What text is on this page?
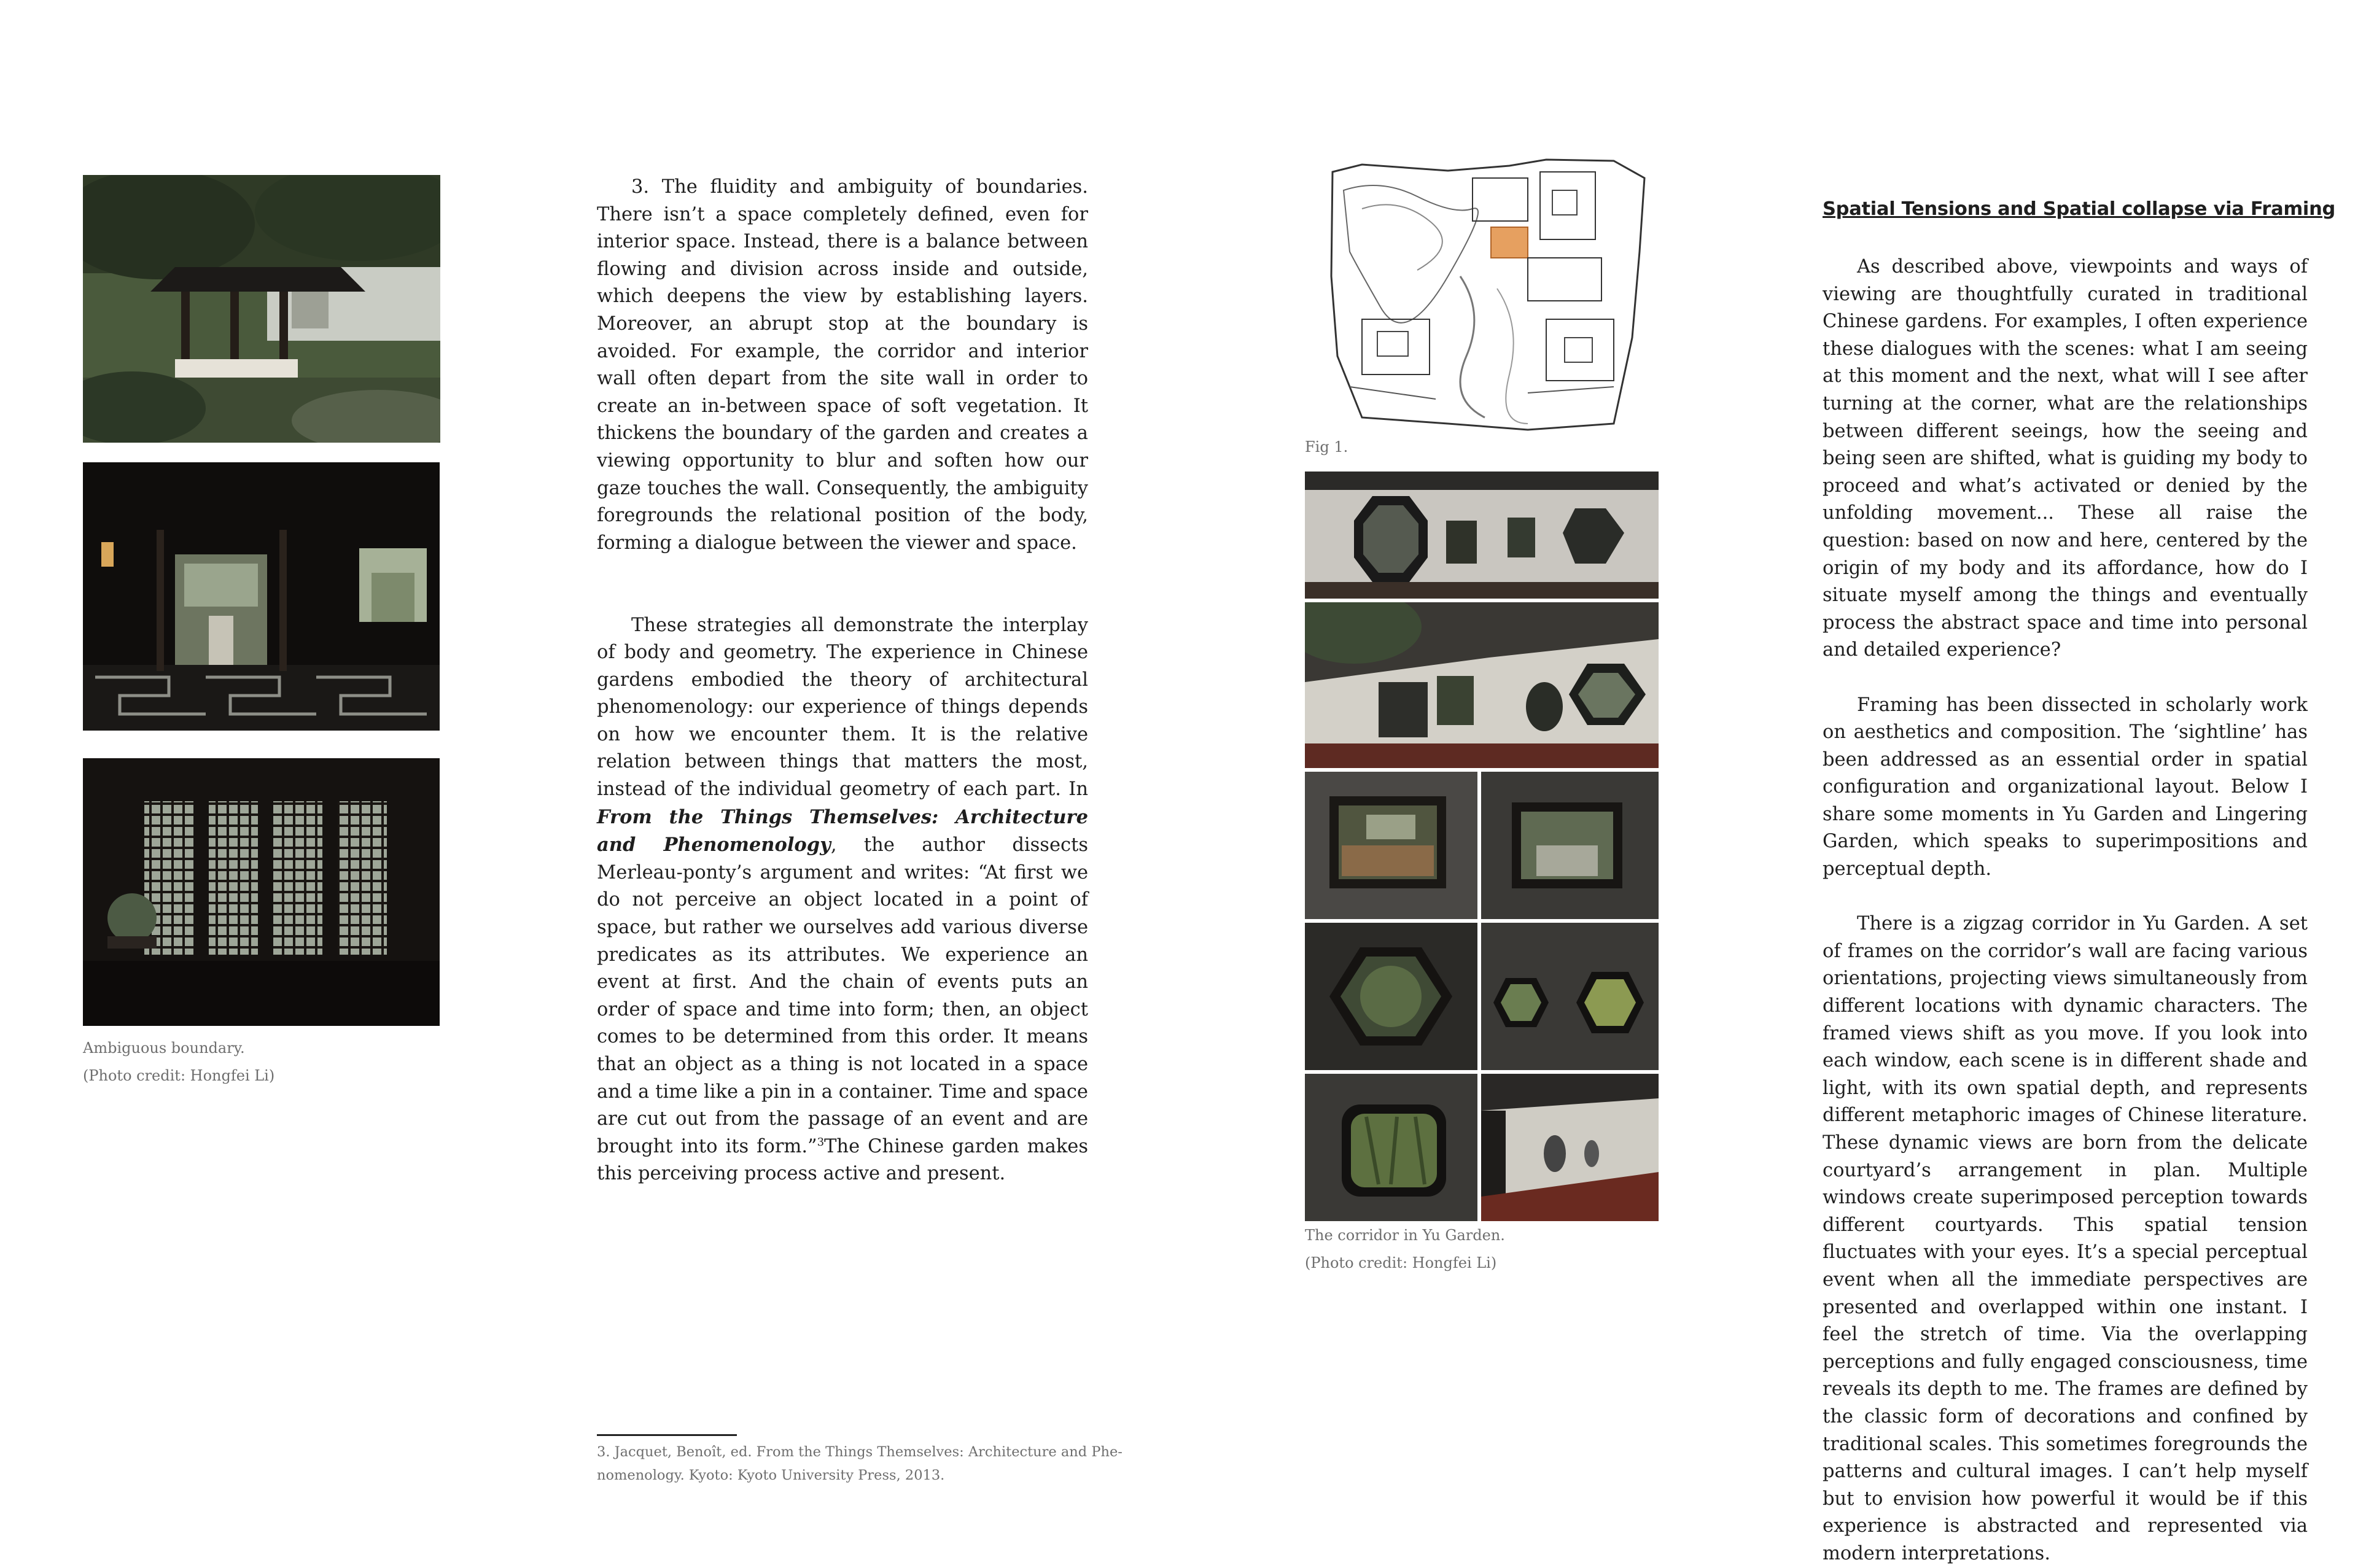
Ambiguous boundary.
(Photo credit: Hongfei Li)

3. The fluidity and ambiguity of boundaries. There isn’t a space completely defined, even for interior space. Instead, there is a balance between flowing and division across inside and outside, which deepens the view by establishing layers. Moreover, an abrupt stop at the boundary is avoided. For example, the corridor and interior wall often depart from the site wall in order to create an in-between space of soft vegetation. It thickens the boundary of the garden and creates a viewing opportunity to blur and soften how our gaze touches the wall. Consequently, the ambiguity foregrounds the relational position of the body, forming a dialogue between the viewer and space.

These strategies all demonstrate the interplay of body and geometry. The experience in Chinese gardens embodied the theory of architectural phenomenology: our experience of things depends on how we encounter them. It is the relative relation between things that matters the most, instead of the individual geometry of each part. In From the Things Themselves: Architecture and Phenomenology, the author dissects Merleau-ponty’s argument and writes: “At first we do not perceive an object located in a point of space, but rather we ourselves add various diverse predicates as its attributes. We experience an event at first. And the chain of events puts an order of space and time into form; then, an object comes to be determined from this order. It means that an object as a thing is not located in a space and a time like a pin in a container. Time and space are cut out from the passage of an event and are brought into its form.”$^3$The Chinese garden makes this perceiving process active and present.

3. Jacquet, Benoît, ed. From the Things Themselves: Architecture and Phe-
nomenology. Kyoto: Kyoto University Press, 2013.
Fig 1.
The corridor in Yu Garden.
(Photo credit: Hongfei Li)
Spatial Tensions and Spatial collapse via Framing

As described above, viewpoints and ways of viewing are thoughtfully curated in traditional Chinese gardens. For examples, I often experience these dialogues with the scenes: what I am seeing at this moment and the next, what will I see after turning at the corner, what are the relationships between different seeings, how the seeing and being seen are shifted, what is guiding my body to proceed and what’s activated or denied by the unfolding movement... These all raise the question: based on now and here, centered by the origin of my body and its affordance, how do I situate myself among the things and eventually process the abstract space and time into personal and detailed experience?

Framing has been dissected in scholarly work on aesthetics and composition. The ‘sightline’ has been addressed as an essential order in spatial configuration and organizational layout. Below I share some moments in Yu Garden and Lingering Garden, which speaks to superimpositions and perceptual depth.

There is a zigzag corridor in Yu Garden. A set of frames on the corridor’s wall are facing various orientations, projecting views simultaneously from different locations with dynamic characters. The framed views shift as you move. If you look into each window, each scene is in different shade and light, with its own spatial depth, and represents different metaphoric images of Chinese literature. These dynamic views are born from the delicate courtyard’s arrangement in plan. Multiple windows create superimposed perception towards different courtyards. This spatial tension fluctuates with your eyes. It’s a special perceptual event when all the immediate perspectives are presented and overlapped within one instant. I feel the stretch of time. Via the overlapping perceptions and fully engaged consciousness, time reveals its depth to me. The frames are defined by the classic form of decorations and confined by traditional scales. This sometimes foregrounds the patterns and cultural images. I can’t help myself but to envision how powerful it would be if this experience is abstracted and represented via modern interpretations.
